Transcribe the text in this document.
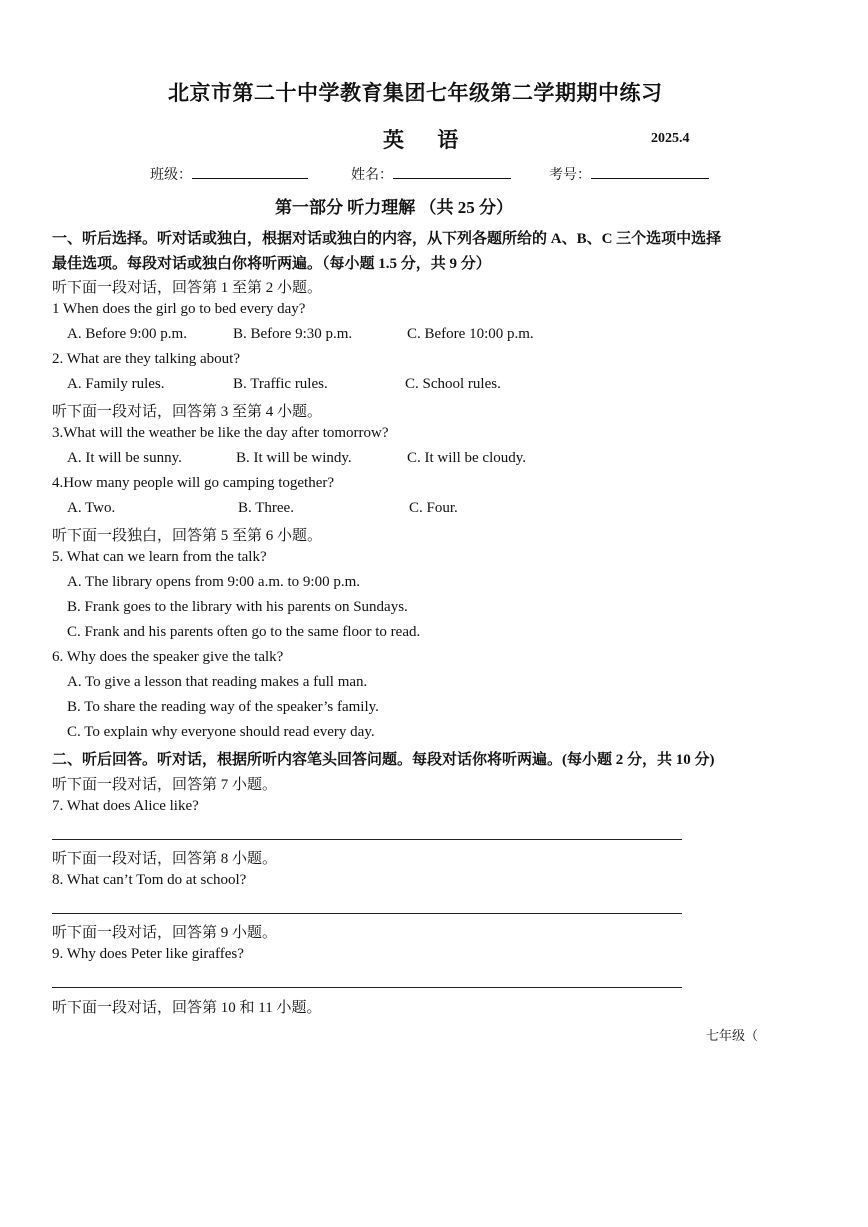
北京市第二十中学教育集团七年级第二学期期中练习
英 语	2025.4
班级：	姓名：	考号：
第一部分 听力理解 （共 25 分）
一、听后选择。听对话或独白，根据对话或独白的内容，从下列各题所给的 A、B、C 三个选项中选择
最佳选项。每段对话或独白你将听两遍。（每小题 1.5 分，共 9 分）
听下面一段对话，回答第 1 至第 2 小题。
1 When does the girl go to bed every day?
A. Before 9:00 p.m.	B. Before 9:30 p.m.	C. Before 10:00 p.m.
2. What are they talking about?
A. Family rules.	B. Traffic rules.	C. School rules.
听下面一段对话，回答第 3 至第 4 小题。
3.What will the weather be like the day after tomorrow?
A. It will be sunny.	B. It will be windy.	C. It will be cloudy.
4.How many people will go camping together?
A. Two.	B. Three.	C. Four.
听下面一段独白，回答第 5 至第 6 小题。
5. What can we learn from the talk?
A. The library opens from 9:00 a.m. to 9:00 p.m.
B. Frank goes to the library with his parents on Sundays.
C. Frank and his parents often go to the same floor to read.
6. Why does the speaker give the talk?
A. To give a lesson that reading makes a full man.
B. To share the reading way of the speaker’s family.
C. To explain why everyone should read every day.
二、听后回答。听对话，根据所听内容笔头回答问题。每段对话你将听两遍。(每小题 2 分，共 10 分)
听下面一段对话，回答第 7 小题。
7. What does Alice like?
听下面一段对话，回答第 8 小题。
8. What can’t Tom do at school?
听下面一段对话，回答第 9 小题。
9. Why does Peter like giraffes?
听下面一段对话，回答第 10 和 11 小题。
七年级（
